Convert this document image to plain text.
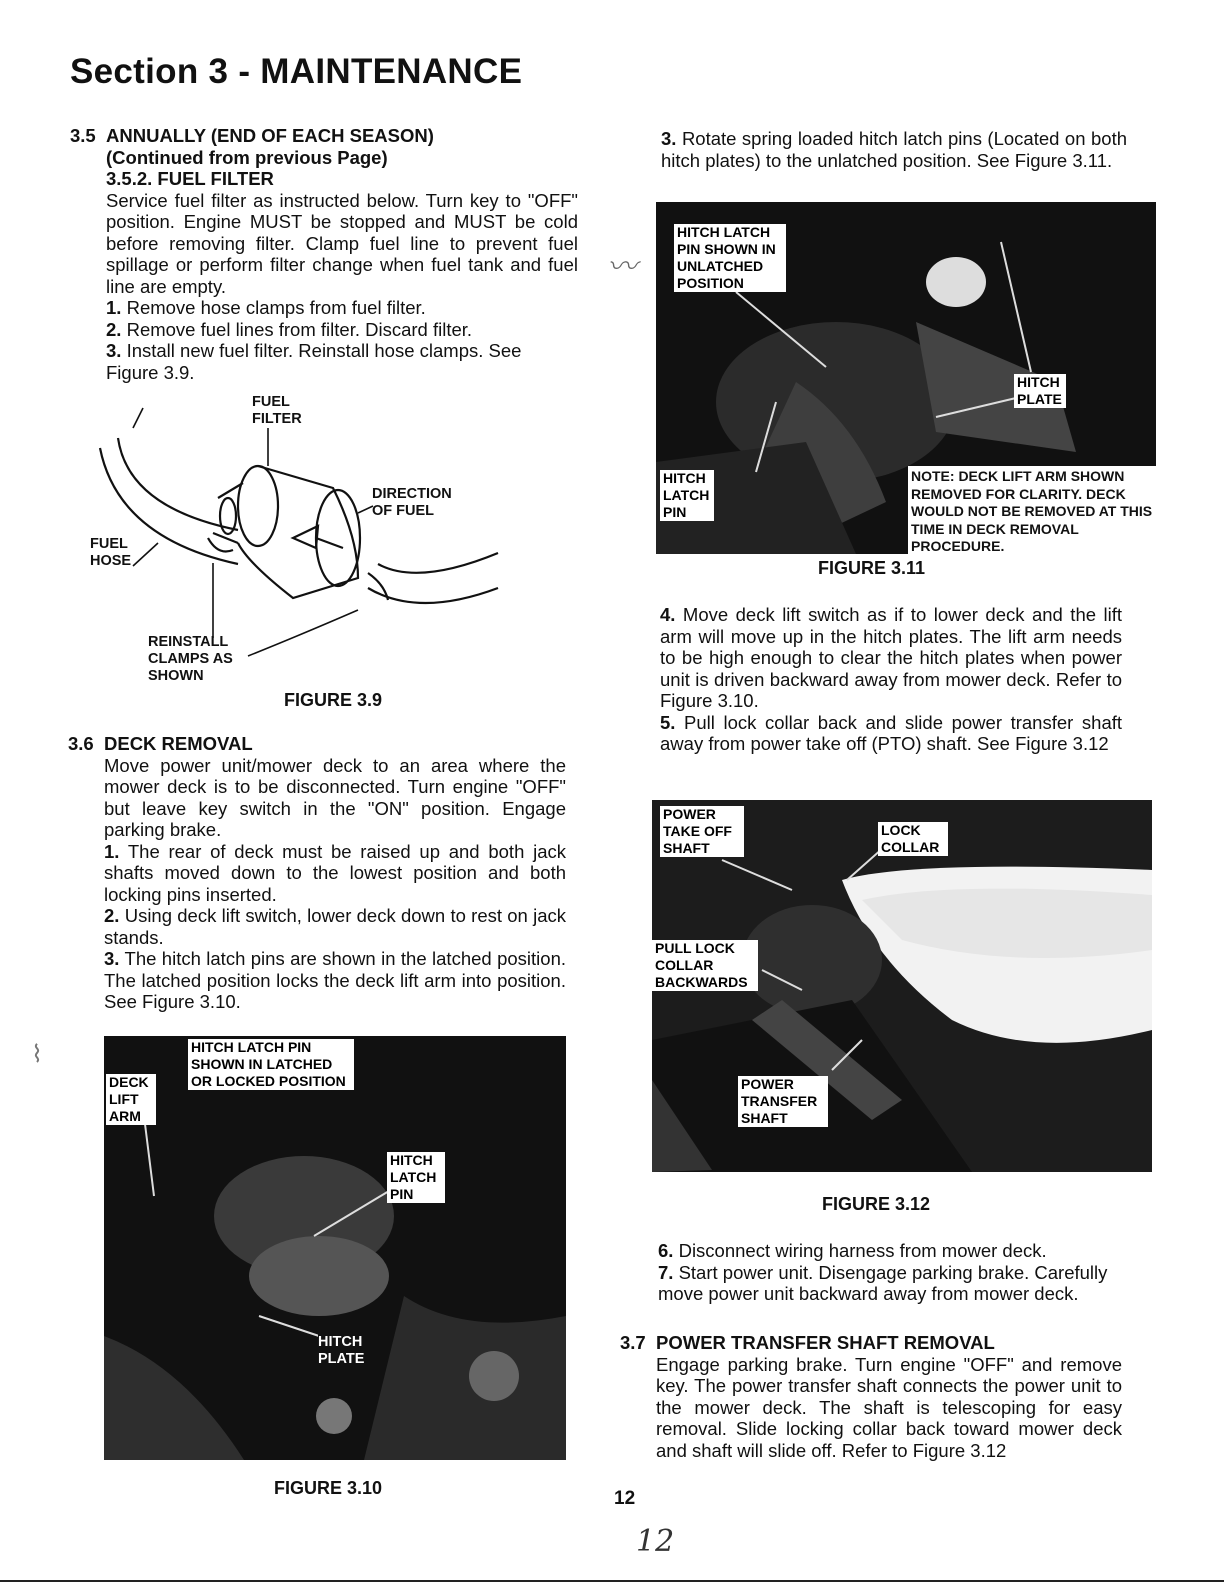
Section 3 - MAINTENANCE
3.5 ANNUALLY (END OF EACH SEASON)

(Continued from previous Page)

3.5.2. FUEL FILTER

Service fuel filter as instructed below. Turn key to "OFF" position. Engine MUST be stopped and MUST be cold before removing filter. Clamp fuel line to prevent fuel spillage or perform filter change when fuel tank and fuel line are empty.

1. Remove hose clamps from fuel filter.
2. Remove fuel lines from filter. Discard filter.
3. Install new fuel filter. Reinstall hose clamps. See Figure 3.9.
FUEL FILTER
DIRECTION OF FUEL
FUEL HOSE
REINSTALL CLAMPS AS SHOWN
FIGURE 3.9
3.6 DECK REMOVAL

Move power unit/mower deck to an area where the mower deck is to be disconnected. Turn engine "OFF" but leave key switch in the "ON" position. Engage parking brake.

1. The rear of deck must be raised up and both jack shafts moved down to the lowest position and both locking pins inserted.
2. Using deck lift switch, lower deck down to rest on jack stands.
3. The hitch latch pins are shown in the latched position. The latched position locks the deck lift arm into position. See Figure 3.10.
HITCH LATCH PIN SHOWN IN LATCHED OR LOCKED POSITION
DECK LIFT ARM
HITCH LATCH PIN
HITCH PLATE
FIGURE 3.10
⌇
3. Rotate spring loaded hitch latch pins (Located on both hitch plates) to the unlatched position. See Figure 3.11.
HITCH LATCH PIN SHOWN IN UNLATCHED POSITION
HITCH PLATE
HITCH LATCH PIN
NOTE: DECK LIFT ARM SHOWN REMOVED FOR CLARITY. DECK WOULD NOT BE REMOVED AT THIS TIME IN DECK REMOVAL PROCEDURE.
FIGURE 3.11
4. Move deck lift switch as if to lower deck and the lift arm will move up in the hitch plates. The lift arm needs to be high enough to clear the hitch plates when power unit is driven backward away from mower deck. Refer to Figure 3.10.
5. Pull lock collar back and slide power transfer shaft away from power take off (PTO) shaft. See Figure 3.12
POWER TAKE OFF SHAFT
LOCK COLLAR
PULL LOCK COLLAR BACKWARDS
POWER TRANSFER SHAFT
FIGURE 3.12
6. Disconnect wiring harness from mower deck.
7. Start power unit. Disengage parking brake. Carefully move power unit backward away from mower deck.
3.7 POWER TRANSFER SHAFT REMOVAL

Engage parking brake. Turn engine "OFF" and remove key. The power transfer shaft connects the power unit to the mower deck. The shaft is telescoping for easy removal. Slide locking collar back toward mower deck and shaft will slide off. Refer to Figure 3.12

〰
12
12
